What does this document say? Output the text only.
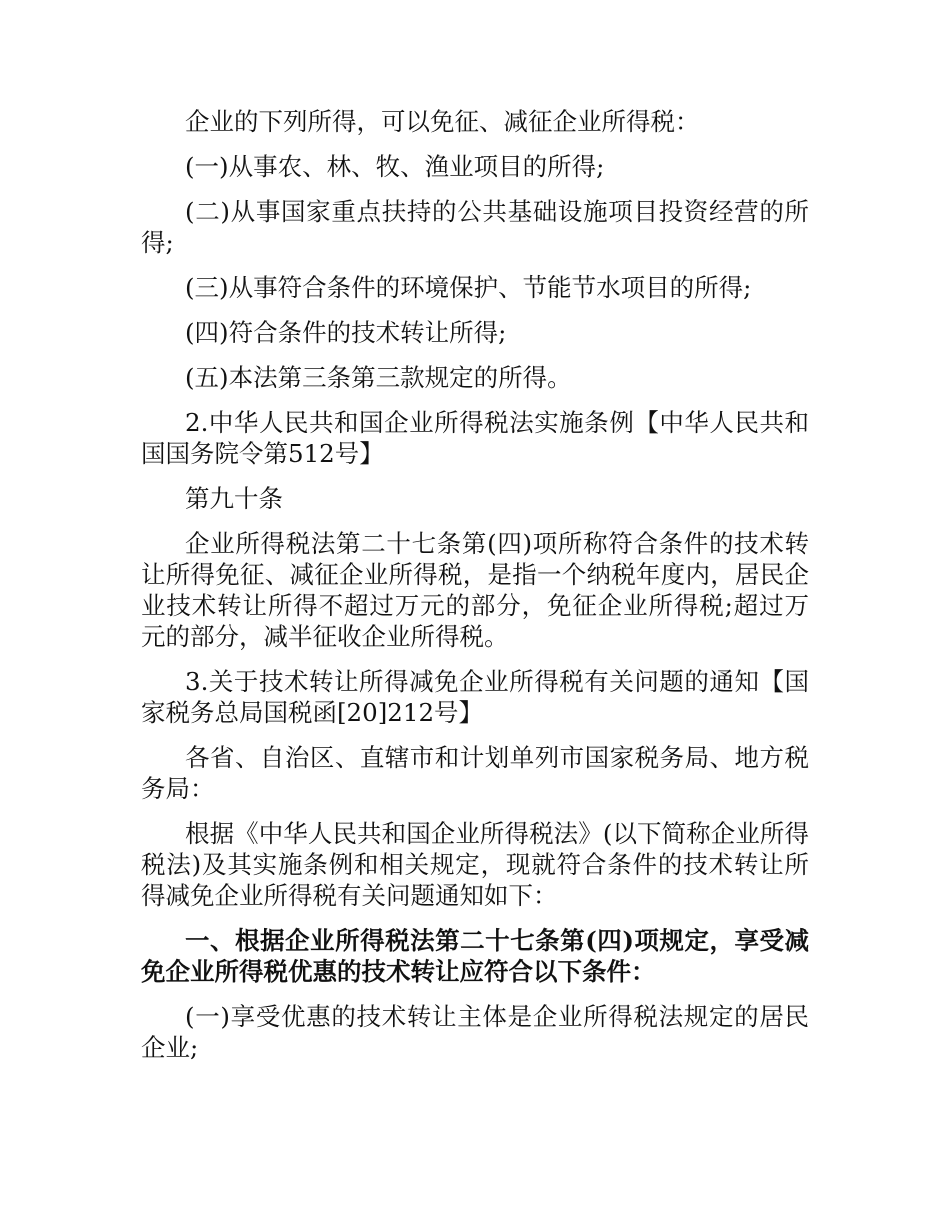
企业的下列所得，可以免征、减征企业所得税：

(一)从事农、林、牧、渔业项目的所得;

(二)从事国家重点扶持的公共基础设施项目投资经营的所得;

(三)从事符合条件的环境保护、节能节水项目的所得;

(四)符合条件的技术转让所得;

(五)本法第三条第三款规定的所得。

2.中华人民共和国企业所得税法实施条例【中华人民共和国国务院令第512号】

第九十条

企业所得税法第二十七条第(四)项所称符合条件的技术转让所得免征、减征企业所得税，是指一个纳税年度内，居民企业技术转让所得不超过万元的部分，免征企业所得税;超过万元的部分，减半征收企业所得税。

3.关于技术转让所得减免企业所得税有关问题的通知【国家税务总局国税函[20]212号】

各省、自治区、直辖市和计划单列市国家税务局、地方税务局：

根据《中华人民共和国企业所得税法》(以下简称企业所得税法)及其实施条例和相关规定，现就符合条件的技术转让所得减免企业所得税有关问题通知如下：

一、根据企业所得税法第二十七条第(四)项规定，享受减免企业所得税优惠的技术转让应符合以下条件：

(一)享受优惠的技术转让主体是企业所得税法规定的居民企业;
